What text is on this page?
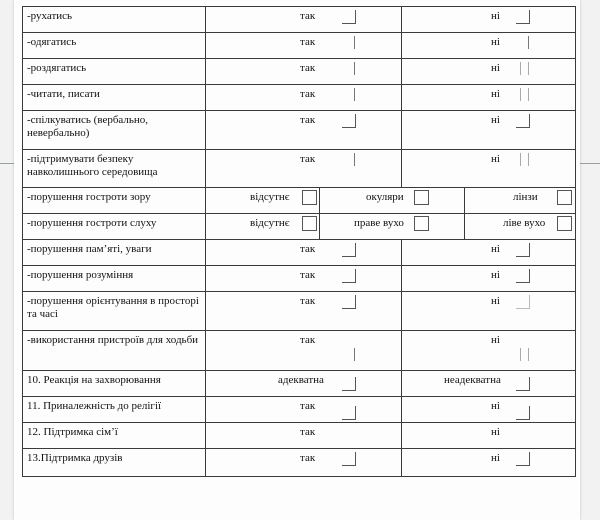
-рухатись	так		ні	

-одягатись	так		ні	

-роздягатись	так		ні	

-читати, писати	так		ні	

-спілкуватись (вербально, невербально)	так		ні	

-підтримувати безпеку навколишнього середовища	так		ні	

-порушення гостроти зору	відсутнє	окуляри		лінзи

-порушення гостроти слуху	відсутнє	праве вухо		ліве вухо

-порушення пам’яті, уваги	так		ні	

-порушення розуміння	так		ні	

-порушення орієнтування в просторі та часі	так		ні	

-використання пристроїв для ходьби	так		ні	

10. Реакція на захворювання	адекватна		неадекватна	

11. Приналежність до релігії	так		ні	

12. Підтримка сім’ї	так		ні	

13.Підтримка друзів	так		ні	
